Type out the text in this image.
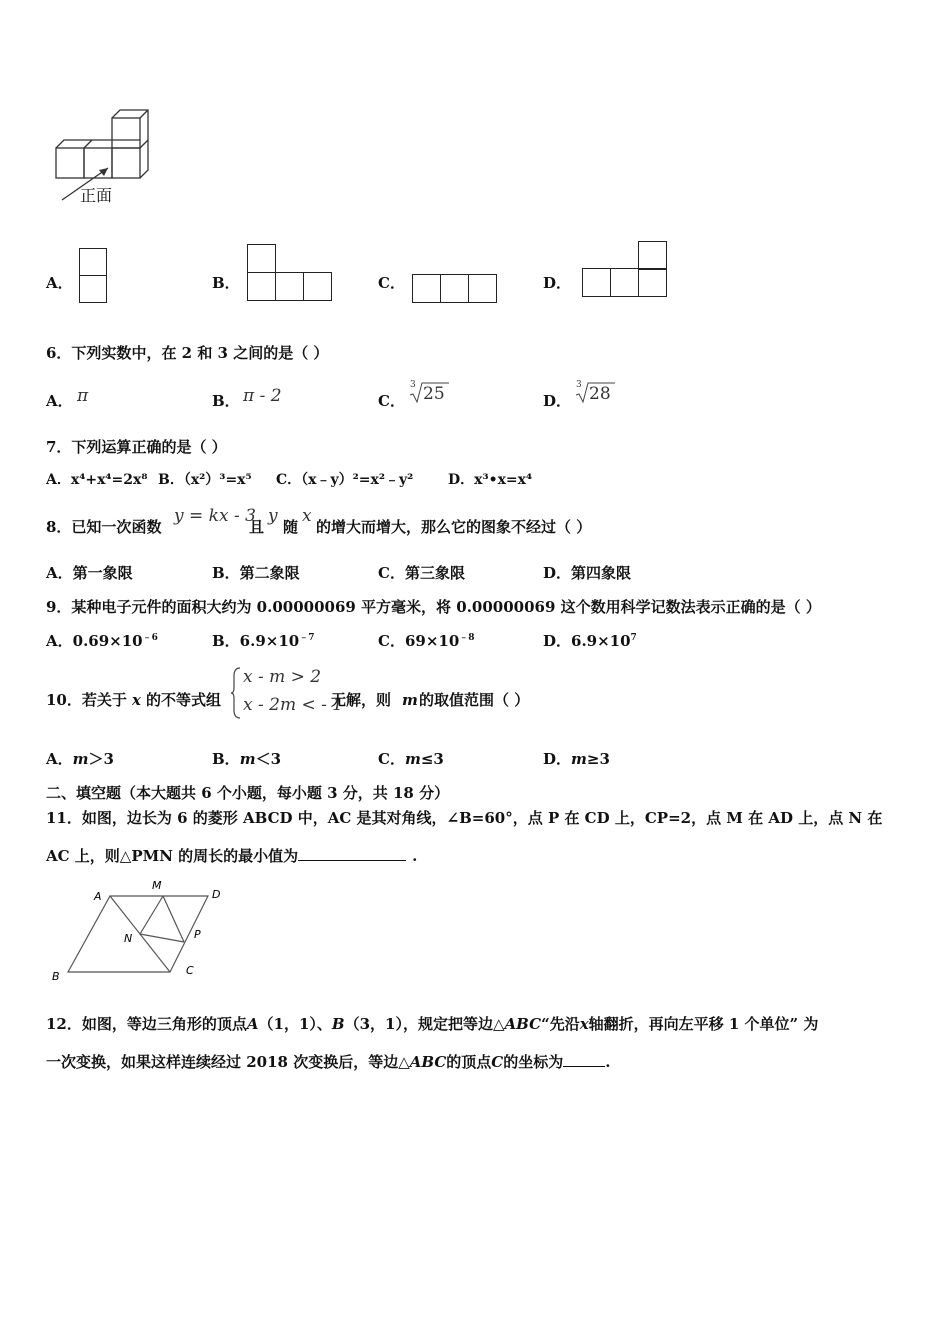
正面
A．	B．	C．	D．
6．下列实数中，在 2 和 3 之间的是（ ）
A． π	B． π - 2	C．
3 25	D．
3 28
7．下列运算正确的是（ ）
A．x⁴+x⁴=2x⁸ B．（x²）³=x⁵ C．（x﹣y）²=x²﹣y² D．x³•x=x⁴
8．已知一次函数
y = kx - 3
且
y
随
x
的增大而增大，那么它的图象不经过（ ）
A．第一象限	B．第二象限	C．第三象限	D．第四象限
9．某种电子元件的面积大约为 0.00000069 平方毫米，将 0.00000069 这个数用科学记数法表示正确的是（ ）
A．$0.69\times 10^{﹣6}$	B．$6.9\times 10^{﹣7}$	C．$69\times 10^{﹣8}$	D．$6.9\times 10^7$
10．若关于 x 的不等式组
x - m > 2
x - 2m < - 1
无解，则 m 的取值范围（ ）
A．m＞3	B．m＜3	C．m≤3	D．m≥3
二、填空题（本大题共 6 个小题，每小题 3 分，共 18 分）
11．如图，边长为 6 的菱形 ABCD 中，AC 是其对角线，∠B=60°，点 P 在 CD 上，CP=2，点 M 在 AD 上，点 N 在
AC 上，则△PMN 的周长的最小值为	.
A
M
D
N	P
B	C
12．如图，等边三角形的顶点A（1，1）、B（3，1），规定把等边△ABC“先沿x轴翻折，再向左平移 1 个单位” 为
一次变换，如果这样连续经过 2018 次变换后，等边△ABC的顶点C的坐标为	.
